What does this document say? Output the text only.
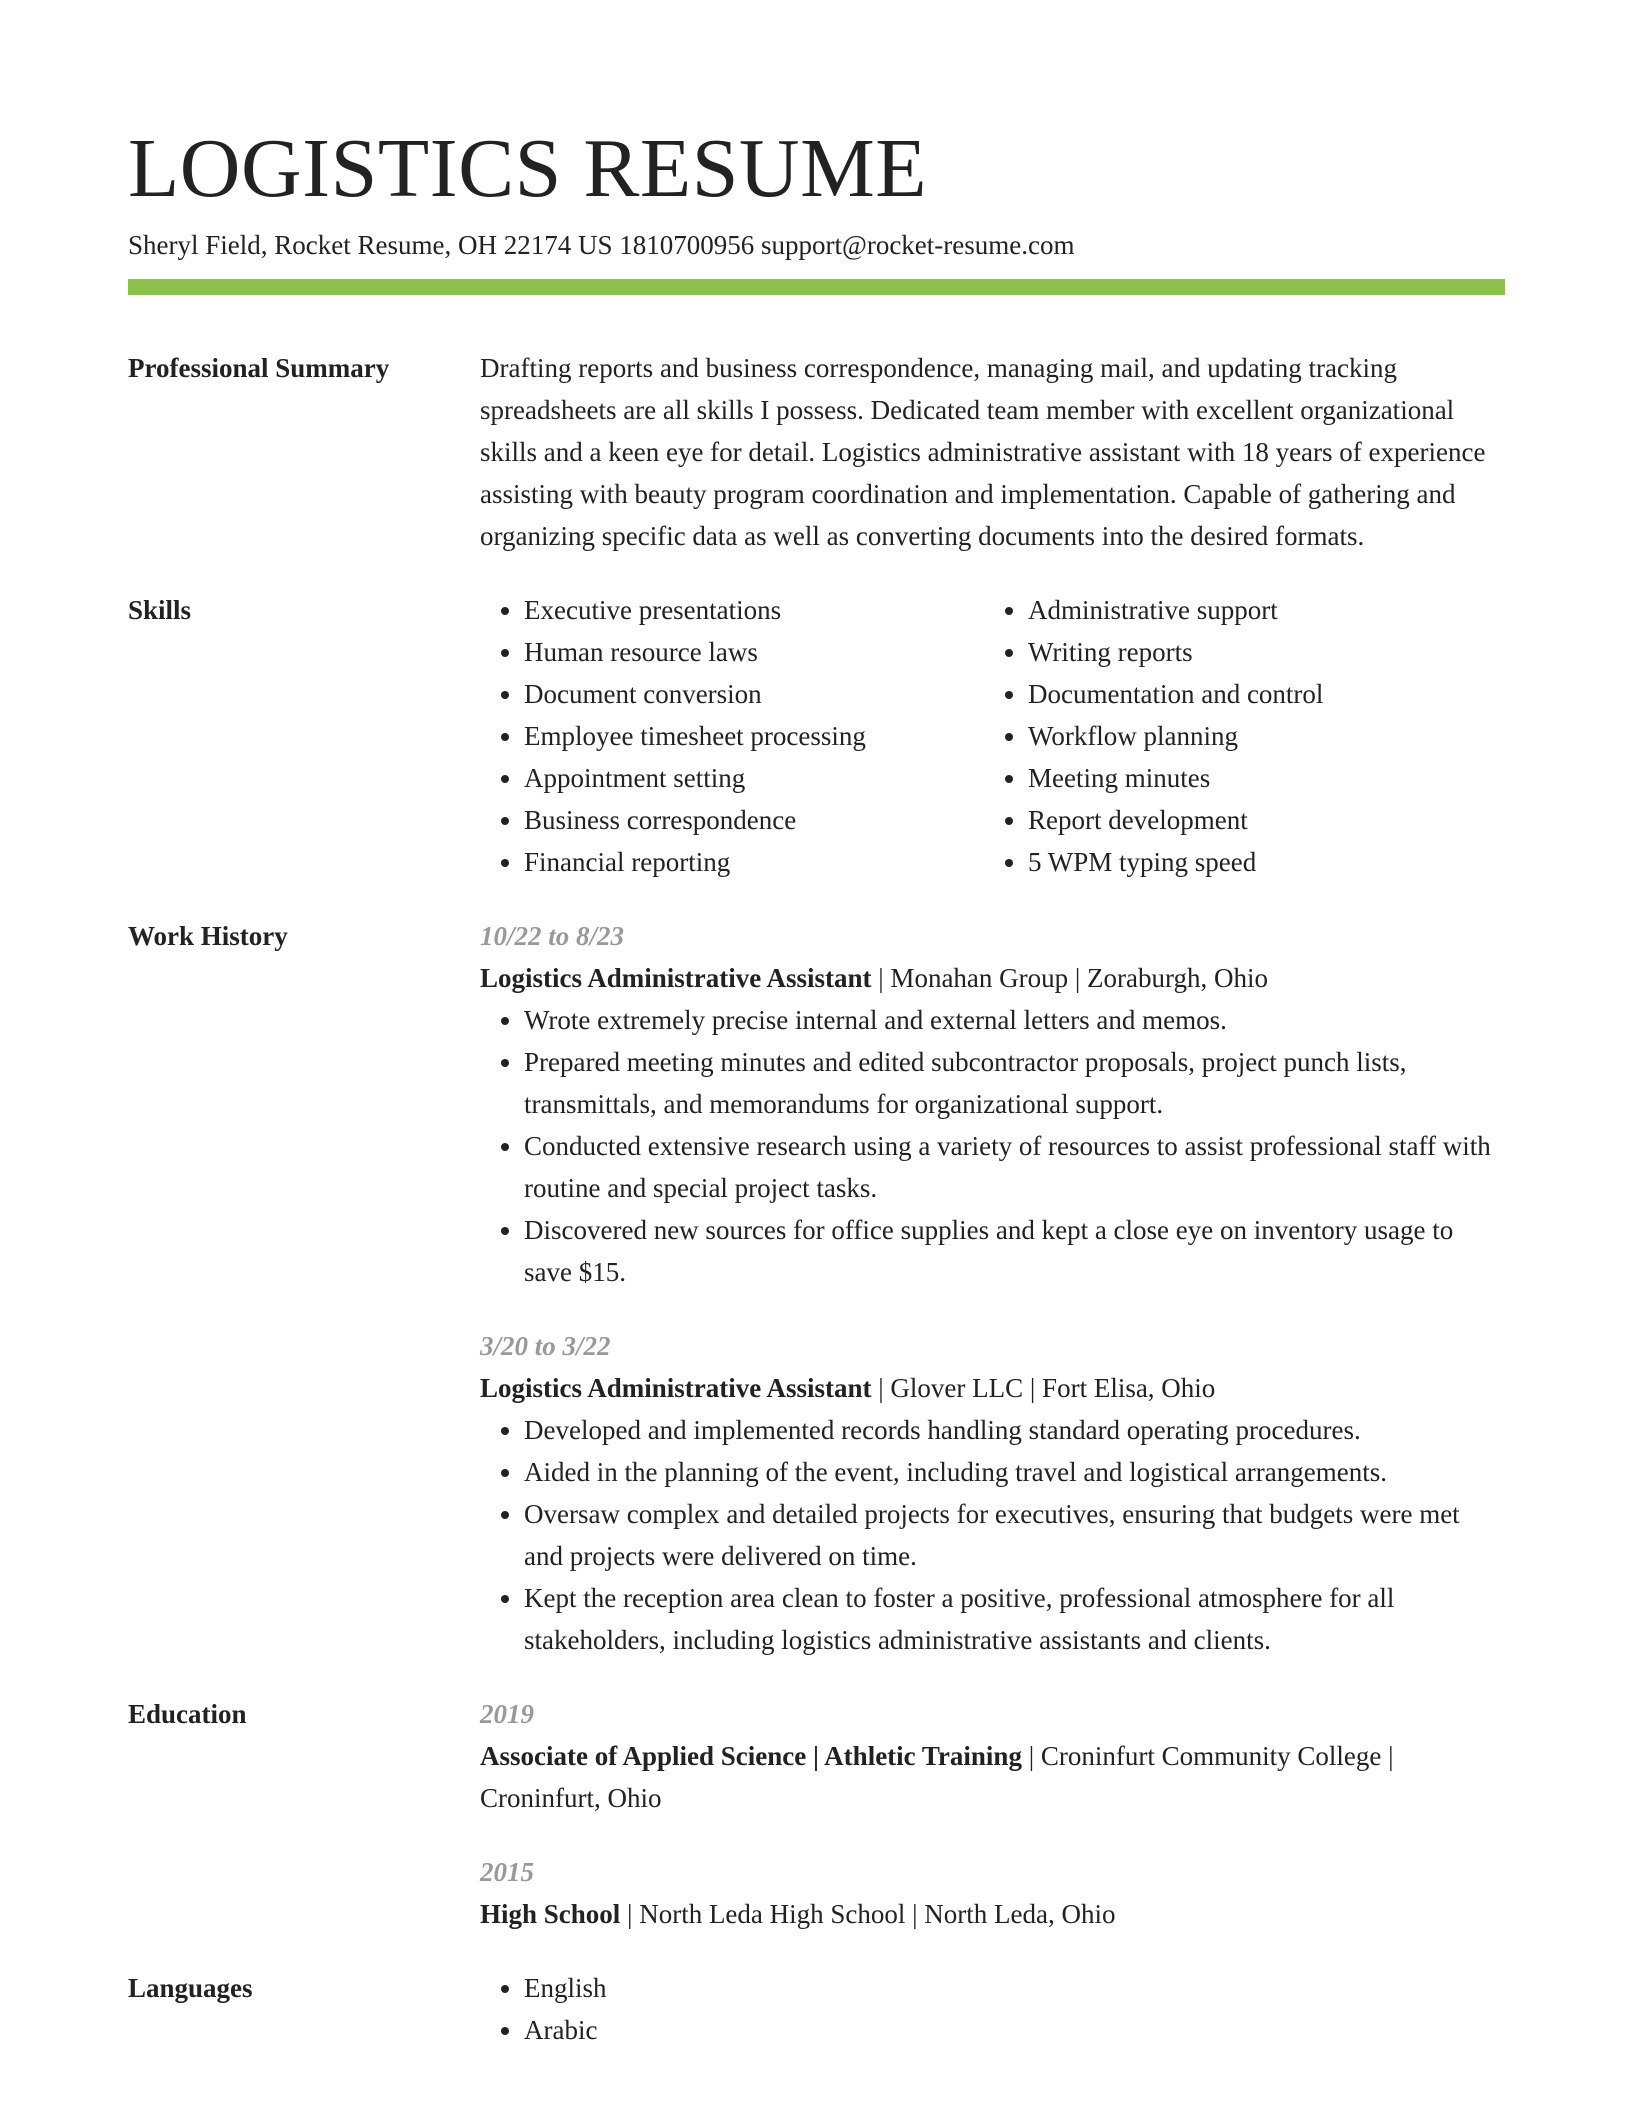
LOGISTICS RESUME
Sheryl Field, Rocket Resume, OH 22174 US 1810700956 support@rocket-resume.com
Professional Summary	Drafting reports and business correspondence, managing mail, and updating tracking spreadsheets are all skills I possess. Dedicated team member with excellent organizational skills and a keen eye for detail. Logistics administrative assistant with 18 years of experience assisting with beauty program coordination and implementation. Capable of gathering and organizing specific data as well as converting documents into the desired formats.

Skills	• Executive presentations
• Human resource laws
• Document conversion
• Employee timesheet processing
• Appointment setting
• Business correspondence
• Financial reporting
• Administrative support
• Writing reports
• Documentation and control
• Workflow planning
• Meeting minutes
• Report development
• 5 WPM typing speed
Work History	10/22 to 8/23
Logistics Administrative Assistant | Monahan Group | Zoraburgh, Ohio
• Wrote extremely precise internal and external letters and memos.
• Prepared meeting minutes and edited subcontractor proposals, project punch lists, transmittals, and memorandums for organizational support.
• Conducted extensive research using a variety of resources to assist professional staff with routine and special project tasks.
• Discovered new sources for office supplies and kept a close eye on inventory usage to save $15.
3/20 to 3/22
Logistics Administrative Assistant | Glover LLC | Fort Elisa, Ohio
• Developed and implemented records handling standard operating procedures.
• Aided in the planning of the event, including travel and logistical arrangements.
• Oversaw complex and detailed projects for executives, ensuring that budgets were met and projects were delivered on time.
• Kept the reception area clean to foster a positive, professional atmosphere for all stakeholders, including logistics administrative assistants and clients.
Education	2019
Associate of Applied Science | Athletic Training | Croninfurt Community College | Croninfurt, Ohio
2015
High School | North Leda High School | North Leda, Ohio
Languages	• English
• Arabic
